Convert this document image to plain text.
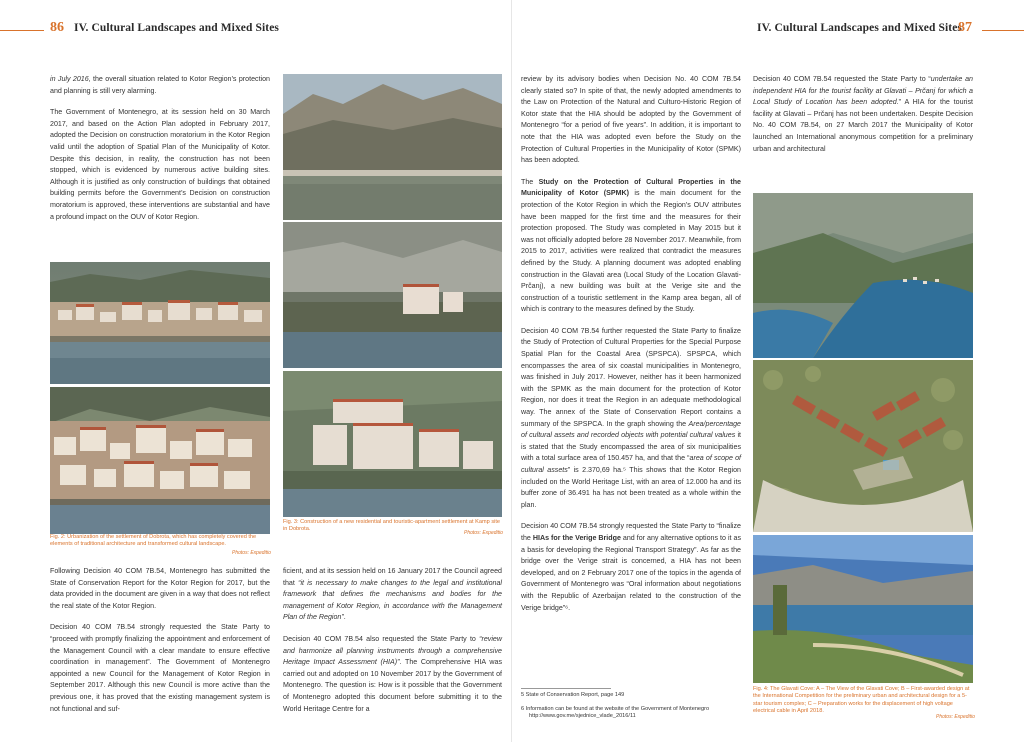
86 IV. Cultural Landscapes and Mixed Sites

in July 2016, the overall situation related to Kotor Region’s protection and planning is still very alarming.

The Government of Montenegro, at its session held on 30 March 2017, and based on the Action Plan adopted in February 2017, adopted the Decision on construction moratorium in the Kotor Region valid until the adoption of Spatial Plan of the Municipality of Kotor. Despite this decision, in reality, the construction has not been stopped, which is evidenced by numerous active building sites. Although it is justified as only construction of buildings that obtained building permits before the Government’s Decision on construction moratorium is approved, these interventions are substantial and have a profound impact on the OUV of Kotor Region.

Fig. 2: Urbanization of the settlement of Dobrota, which has completely covered the elements of traditional architecture and transformed cultural landscape.
Photos: Expeditio
Fig. 3: Construction of a new residential and touristic-apartment settlement at Kamp site in Dobrota.
Photos: Expeditio

Following Decision 40 COM 7B.54, Montenegro has submitted the State of Conservation Report for the Kotor Region for 2017, but the data provided in the document are given in a way that does not reflect the real state of the Kotor Region.

Decision 40 COM 7B.54 strongly requested the State Party to “proceed with promptly finalizing the appointment and enforcement of the Management Council with a clear mandate to ensure effective coordination in management”. The Government of Montenegro appointed a new Council for the Management of Kotor Region in September 2017. Although this new Council is more active than the previous one, it has proved that the existing management system is not functional and suf-

ficient, and at its session held on 16 January 2017 the Council agreed that “it is necessary to make changes to the legal and institutional framework that defines the mechanisms and bodies for the management of Kotor Region, in accordance with the Management Plan of the Region”.

Decision 40 COM 7B.54 also requested the State Party to “review and harmonize all planning instruments through a comprehensive Heritage Impact Assessment (HIA)”. The Comprehensive HIA was carried out and adopted on 10 November 2017 by the Government of Montenegro. The question is: How is it possible that the Government of Montenegro adopted this document before submitting it to the World Heritage Centre for a

IV. Cultural Landscapes and Mixed Sites
87

review by its advisory bodies when Decision No. 40 COM 7B.54 clearly stated so? In spite of that, the newly adopted amendments to the Law on Protection of the Natural and Culturo-Historic Region of Kotor state that the HIA should be adopted by the Government of Montenegro “for a period of five years”. In addition, it is important to note that the HIA was adopted even before the Study on the Protection of Cultural Properties in the Municipality of Kotor (SPMK) has been adopted.

The Study on the Protection of Cultural Properties in the Municipality of Kotor (SPMK) is the main document for the protection of the Kotor Region in which the Region’s OUV attributes have been mapped for the first time and the measures for their protection proposed. The Study was completed in May 2015 but it was not officially adopted before 28 November 2017. Meanwhile, from 2015 to 2017, activities were realized that contradict the measures defined by the Study. A planning document was adopted enabling construction in the Glavati area (Local Study of the Location Glavati-Prčanj), a new building was built at the Verige site and the construction of a touristic settlement in the Kamp area began, all of which is contrary to the measures defined by the Study.

Decision 40 COM 7B.54 further requested the State Party to finalize the Study of Protection of Cultural Properties for the Special Purpose Spatial Plan for the Coastal Area (SPSPCA). SPSPCA, which encompasses the area of six coastal municipalities in Montenegro, was finished in July 2017. However, neither has it been harmonized with the SPMK as the main document for the protection of Kotor Region, nor does it treat the Region in an adequate methodological way. The annex of the State of Conservation Report contains a summary of the SPSPCA. In the graph showing the Area/percentage of cultural assets and recorded objects with potential cultural values it is stated that the Study encompassed the area of six municipalities with a total surface area of 150.457 ha, and that the “area of scope of cultural assets” is 2.370,69 ha.⁵ This shows that the Kotor Region included on the World Heritage List, with an area of 12.000 ha and its buffer zone of 36.491 ha has not been treated as a whole within the plan.

Decision 40 COM 7B.54 strongly requested the State Party to “finalize the HIAs for the Verige Bridge and for any alternative options to it as a basis for developing the Regional Transport Strategy”. As far as the bridge over the Verige strait is concerned, a HIA has not been developed, and on 2 February 2017 one of the topics in the agenda of Government of Montenegro was “Oral information about negotiations with the Republic of Azerbaijan related to the construction of the Verige bridge”⁶.

5 State of Conservation Report, page 149
6 Information can be found at the website of the Government of Montenegro
http://www.gov.me/sjednice_vlade_2016/11

Decision 40 COM 7B.54 requested the State Party to “undertake an independent HIA for the tourist facility at Glavati – Prčanj for which a Local Study of Location has been adopted.” A HIA for the tourist facility at Glavati – Prčanj has not been undertaken. Despite Decision No. 40 COM 7B.54, on 27 March 2017 the Municipality of Kotor launched an International anonymous competition for a preliminary urban and architectural

Fig. 4: The Glavati Cove: A – The View of the Glavati Cove; B – First-awarded design at the International Competition for the preliminary urban and architectural design for a 5-star tourism complex; C – Preparation works for the displacement of high voltage electrical cable in April 2018.
Photos: Expeditio
